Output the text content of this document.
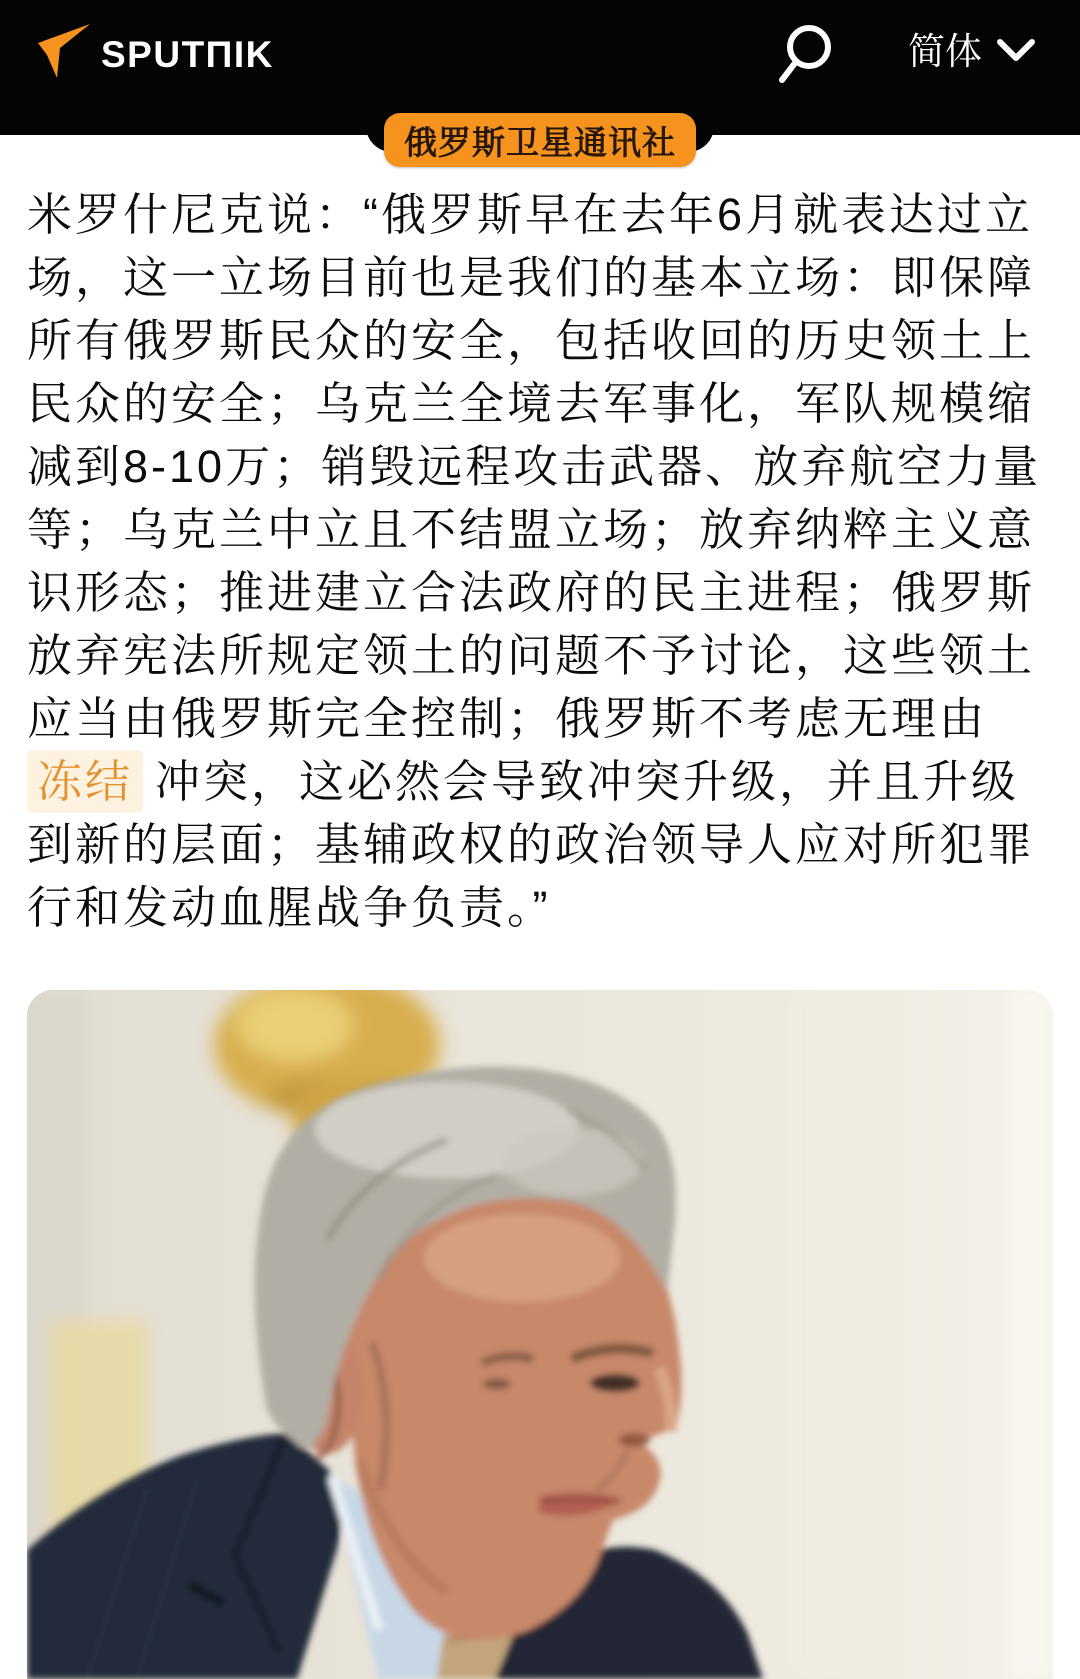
SPUTΠIK	简体
俄罗斯卫星通讯社
米罗什尼克说：“俄罗斯早在去年6月就表达过立
场，这一立场目前也是我们的基本立场：即保障
所有俄罗斯民众的安全，包括收回的历史领土上
民众的安全；乌克兰全境去军事化，军队规模缩
减到8-10万；销毁远程攻击武器、放弃航空力量
等；乌克兰中立且不结盟立场；放弃纳粹主义意
识形态；推进建立合法政府的民主进程；俄罗斯
放弃宪法所规定领土的问题不予讨论，这些领土
应当由俄罗斯完全控制；俄罗斯不考虑无理由
冻结 冲突，这必然会导致冲突升级，并且升级
到新的层面；基辅政权的政治领导人应对所犯罪
行和发动血腥战争负责。”
